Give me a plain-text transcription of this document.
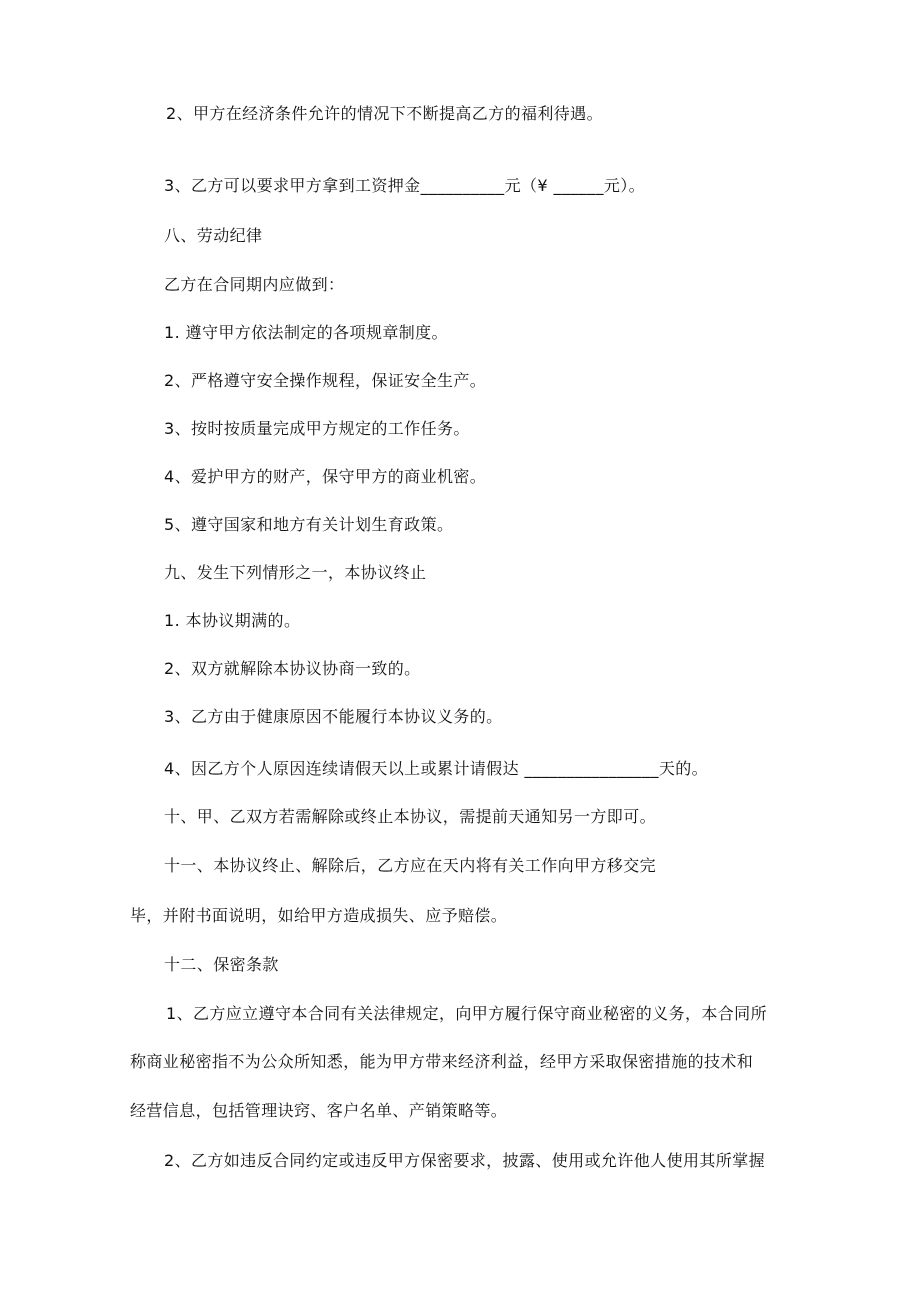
2、甲方在经济条件允许的情况下不断提高乙方的福利待遇。
3、乙方可以要求甲方拿到工资押金__________元（¥ ______元）。
八、劳动纪律
乙方在合同期内应做到：
1. 遵守甲方依法制定的各项规章制度。
2、严格遵守安全操作规程，保证安全生产。
3、按时按质量完成甲方规定的工作任务。
4、爱护甲方的财产，保守甲方的商业机密。
5、遵守国家和地方有关计划生育政策。
九、发生下列情形之一，本协议终止
1. 本协议期满的。
2、双方就解除本协议协商一致的。
3、乙方由于健康原因不能履行本协议义务的。
4、因乙方个人原因连续请假天以上或累计请假达 ________________天的。
十、甲、乙双方若需解除或终止本协议，需提前天通知另一方即可。
十一、本协议终止、解除后，乙方应在天内将有关工作向甲方移交完
毕，并附书面说明，如给甲方造成损失、应予赔偿。
十二、保密条款
1、乙方应立遵守本合同有关法律规定，向甲方履行保守商业秘密的义务，本合同所
称商业秘密指不为公众所知悉，能为甲方带来经济利益，经甲方采取保密措施的技术和
经营信息，包括管理诀窍、客户名单、产销策略等。
2、乙方如违反合同约定或违反甲方保密要求，披露、使用或允许他人使用其所掌握
